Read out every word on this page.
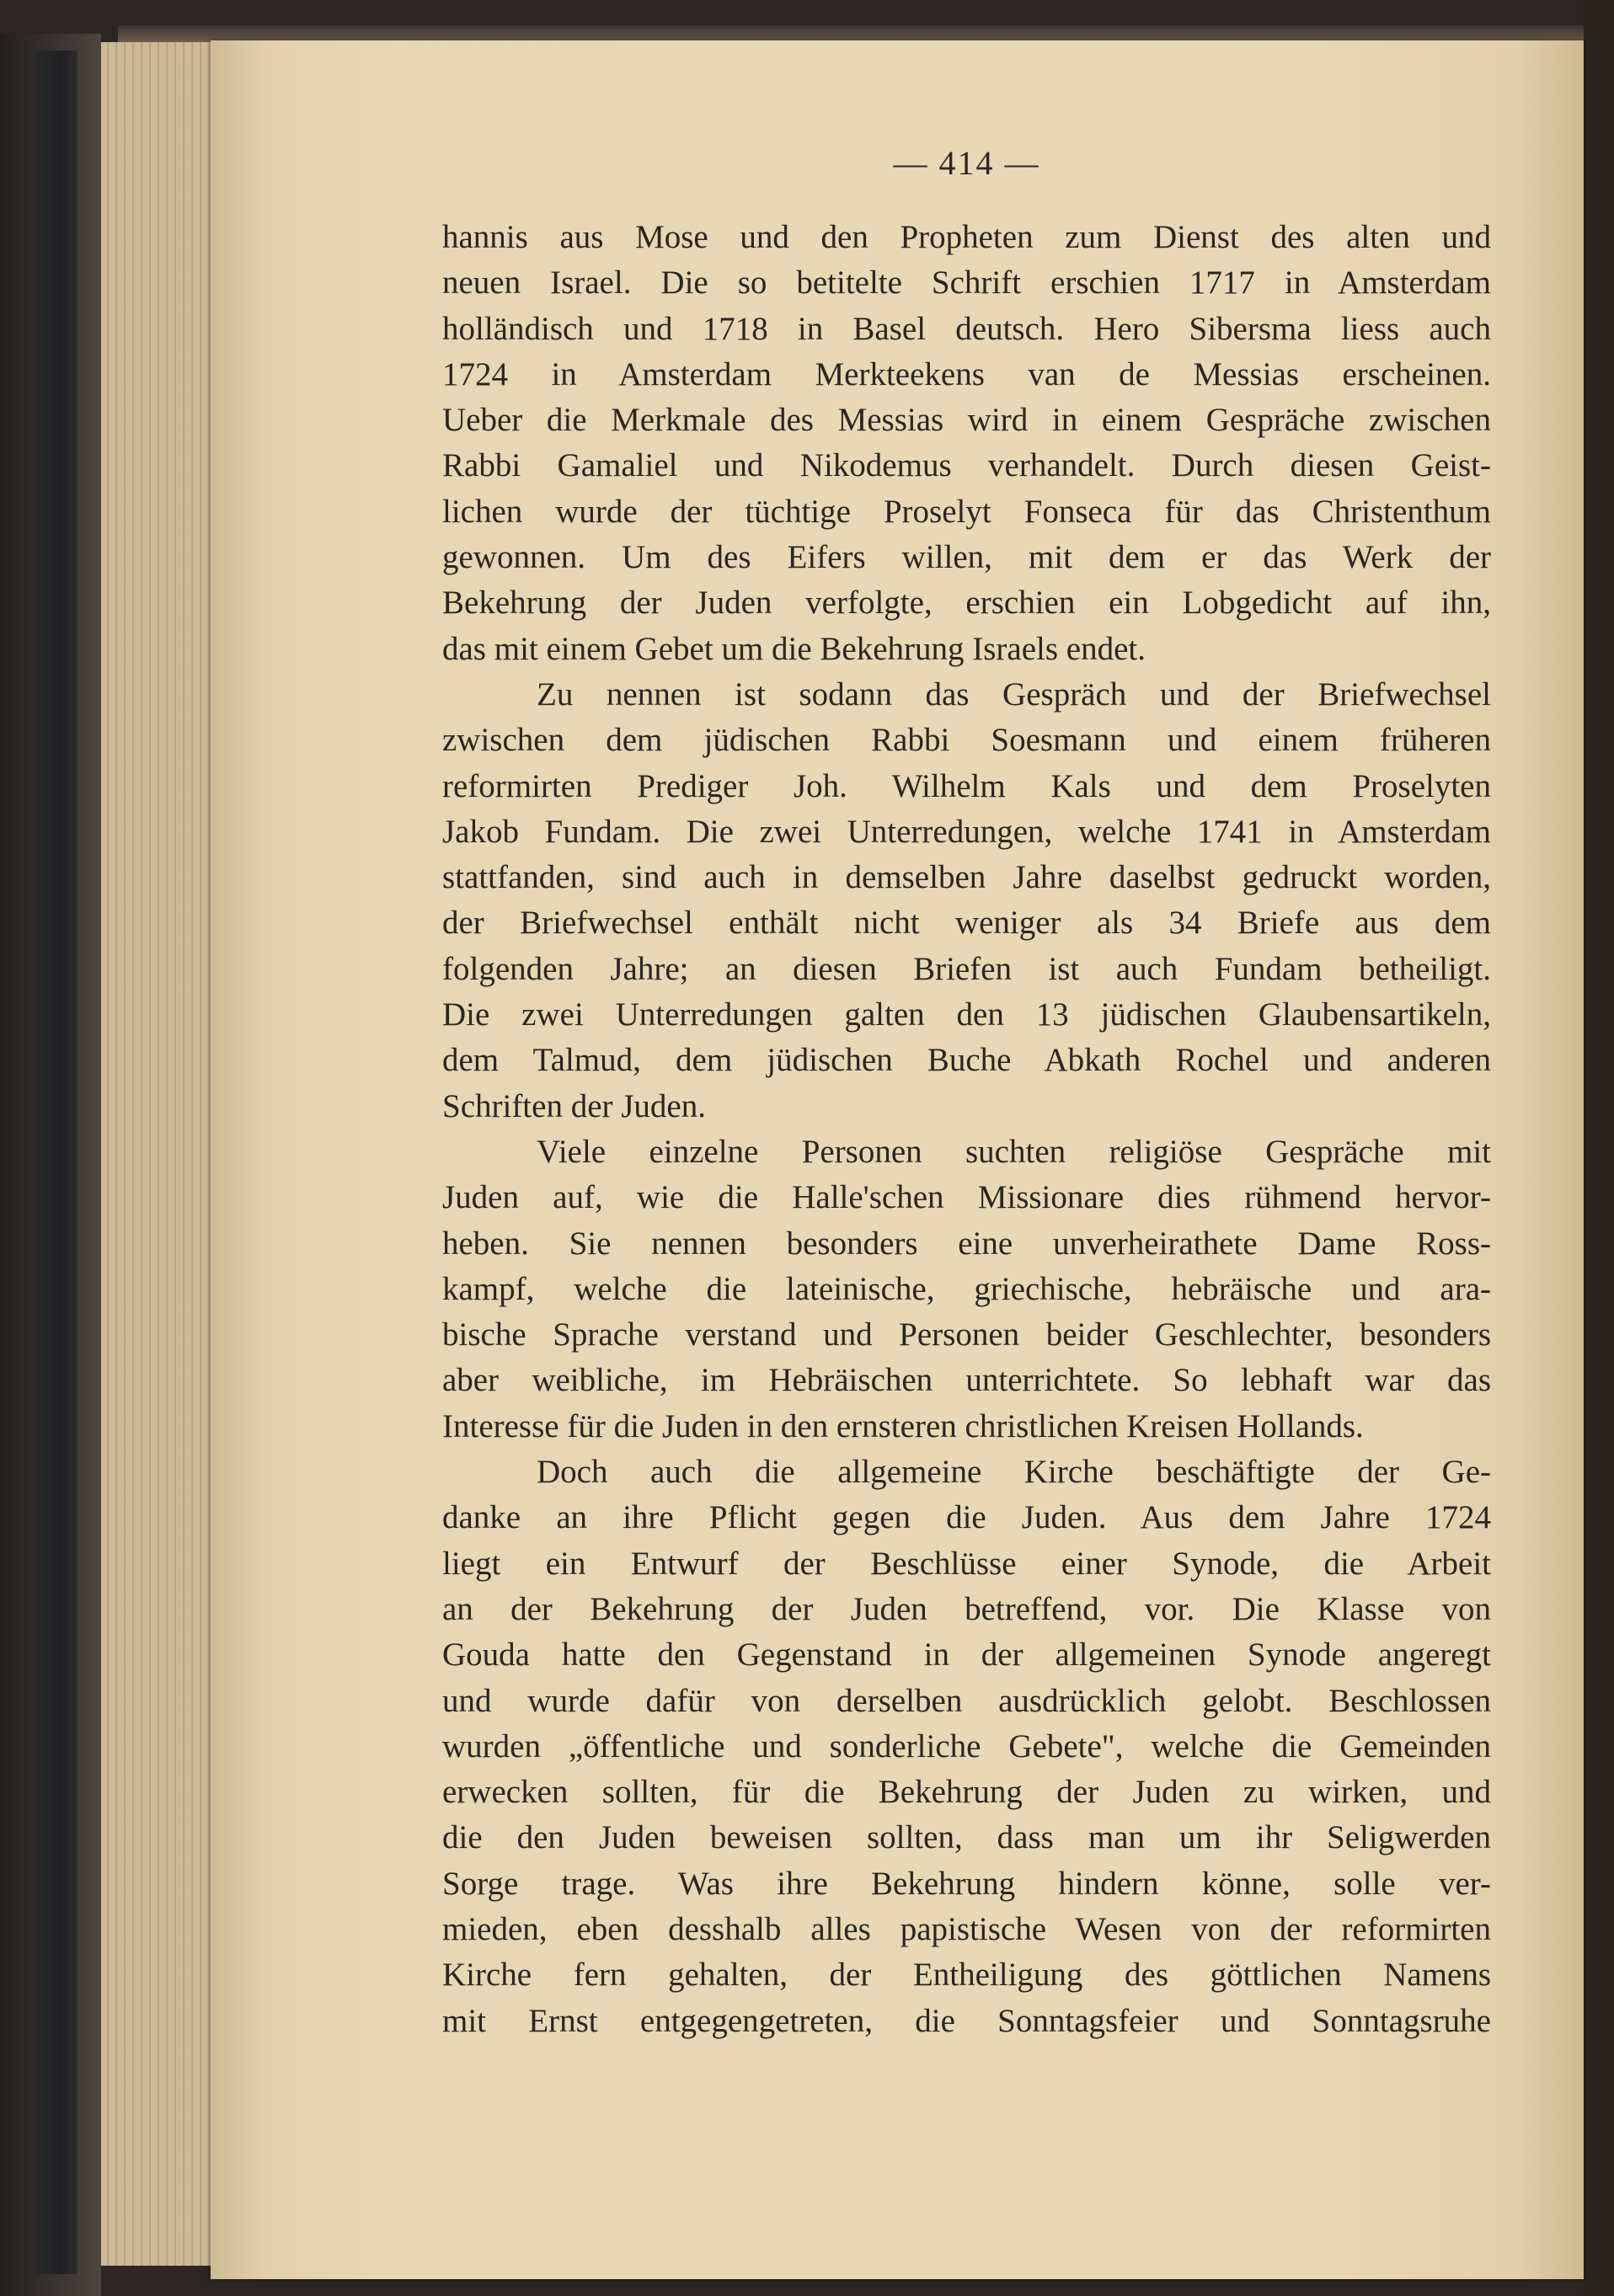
— 414 —
hannis aus Mose und den Propheten zum Dienst des alten und
neuen Israel. Die so betitelte Schrift erschien 1717 in Amsterdam
holländisch und 1718 in Basel deutsch. Hero Sibersma liess auch
1724 in Amsterdam Merkteekens van de Messias erscheinen.
Ueber die Merkmale des Messias wird in einem Gespräche zwischen
Rabbi Gamaliel und Nikodemus verhandelt. Durch diesen Geist-
lichen wurde der tüchtige Proselyt Fonseca für das Christenthum
gewonnen. Um des Eifers willen, mit dem er das Werk der
Bekehrung der Juden verfolgte, erschien ein Lobgedicht auf ihn,
das mit einem Gebet um die Bekehrung Israels endet.
Zu nennen ist sodann das Gespräch und der Briefwechsel
zwischen dem jüdischen Rabbi Soesmann und einem früheren
reformirten Prediger Joh. Wilhelm Kals und dem Proselyten
Jakob Fundam. Die zwei Unterredungen, welche 1741 in Amsterdam
stattfanden, sind auch in demselben Jahre daselbst gedruckt worden,
der Briefwechsel enthält nicht weniger als 34 Briefe aus dem
folgenden Jahre; an diesen Briefen ist auch Fundam betheiligt.
Die zwei Unterredungen galten den 13 jüdischen Glaubensartikeln,
dem Talmud, dem jüdischen Buche Abkath Rochel und anderen
Schriften der Juden.
Viele einzelne Personen suchten religiöse Gespräche mit
Juden auf, wie die Halle'schen Missionare dies rühmend hervor-
heben. Sie nennen besonders eine unverheirathete Dame Ross-
kampf, welche die lateinische, griechische, hebräische und ara-
bische Sprache verstand und Personen beider Geschlechter, besonders
aber weibliche, im Hebräischen unterrichtete. So lebhaft war das
Interesse für die Juden in den ernsteren christlichen Kreisen Hollands.
Doch auch die allgemeine Kirche beschäftigte der Ge-
danke an ihre Pflicht gegen die Juden. Aus dem Jahre 1724
liegt ein Entwurf der Beschlüsse einer Synode, die Arbeit
an der Bekehrung der Juden betreffend, vor. Die Klasse von
Gouda hatte den Gegenstand in der allgemeinen Synode angeregt
und wurde dafür von derselben ausdrücklich gelobt. Beschlossen
wurden „öffentliche und sonderliche Gebete", welche die Gemeinden
erwecken sollten, für die Bekehrung der Juden zu wirken, und
die den Juden beweisen sollten, dass man um ihr Seligwerden
Sorge trage. Was ihre Bekehrung hindern könne, solle ver-
mieden, eben desshalb alles papistische Wesen von der reformirten
Kirche fern gehalten, der Entheiligung des göttlichen Namens
mit Ernst entgegengetreten, die Sonntagsfeier und Sonntagsruhe
